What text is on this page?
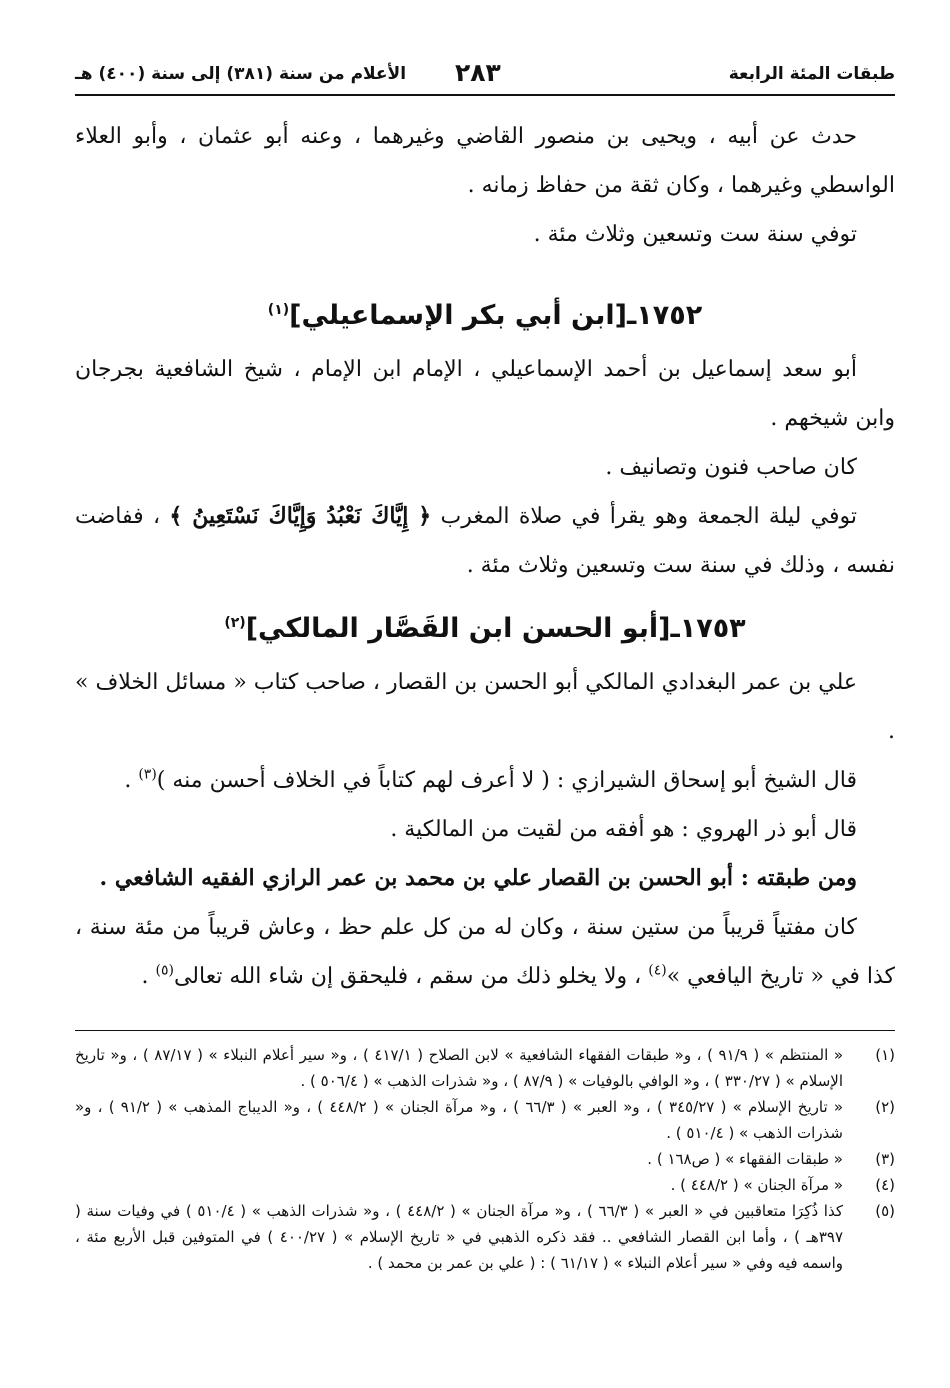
طبقات المئة الرابعة
٢٨٣
الأعلام من سنة (٣٨١) إلى سنة (٤٠٠) هـ

حدث عن أبيه ، ويحيى بن منصور القاضي وغيرهما ، وعنه أبو عثمان ، وأبو العلاء الواسطي وغيرهما ، وكان ثقة من حفاظ زمانه .

توفي سنة ست وتسعين وثلاث مئة .

١٧٥٢ـ[ابن أبي بكر الإسماعيلي]$^{(١)}$

أبو سعد إسماعيل بن أحمد الإسماعيلي ، الإمام ابن الإمام ، شيخ الشافعية بجرجان وابن شيخهم .

كان صاحب فنون وتصانيف .

توفي ليلة الجمعة وهو يقرأ في صلاة المغرب ﴿ إِيَّاكَ نَعْبُدُ وَإِيَّاكَ نَسْتَعِينُ ﴾ ، ففاضت نفسه ، وذلك في سنة ست وتسعين وثلاث مئة .

١٧٥٣ـ[أبو الحسن ابن القَصَّار المالكي]$^{(٢)}$

علي بن عمر البغدادي المالكي أبو الحسن بن القصار ، صاحب كتاب « مسائل الخلاف » .

قال الشيخ أبو إسحاق الشيرازي : ( لا أعرف لهم كتاباً في الخلاف أحسن منه )$^{(٣)}$ .

قال أبو ذر الهروي : هو أفقه من لقيت من المالكية .

ومن طبقته : أبو الحسن بن القصار علي بن محمد بن عمر الرازي الفقيه الشافعي .

كان مفتياً قريباً من ستين سنة ، وكان له من كل علم حظ ، وعاش قريباً من مئة سنة ، كذا في « تاريخ اليافعي »$^{(٤)}$ ، ولا يخلو ذلك من سقم ، فليحقق إن شاء الله تعالى$^{(٥)}$ .

(١)
« المنتظم » ( ٩١/٩ ) ، و« طبقات الفقهاء الشافعية » لابن الصلاح ( ٤١٧/١ ) ، و« سير أعلام النبلاء » ( ٨٧/١٧ ) ، و« تاريخ الإسلام » ( ٣٣٠/٢٧ ) ، و« الوافي بالوفيات » ( ٨٧/٩ ) ، و« شذرات الذهب » ( ٥٠٦/٤ ) .
(٢)
« تاريخ الإسلام » ( ٣٤٥/٢٧ ) ، و« العبر » ( ٦٦/٣ ) ، و« مرآة الجنان » ( ٤٤٨/٢ ) ، و« الديباج المذهب » ( ٩١/٢ ) ، و« شذرات الذهب » ( ٥١٠/٤ ) .
(٣)
« طبقات الفقهاء » ( ص١٦٨ ) .
(٤)
« مرآة الجنان » ( ٤٤٨/٢ ) .
(٥)
كذا ذُكِرَا متعاقبين في « العبر » ( ٦٦/٣ ) ، و« مرآة الجنان » ( ٤٤٨/٢ ) ، و« شذرات الذهب » ( ٥١٠/٤ ) في وفيات سنة ( ٣٩٧هـ ) ، وأما ابن القصار الشافعي .. فقد ذكره الذهبي في « تاريخ الإسلام » ( ٤٠٠/٢٧ ) في المتوفين قبل الأربع مئة ، واسمه فيه وفي « سير أعلام النبلاء » ( ٦١/١٧ ) : ( علي بن عمر بن محمد ) .
